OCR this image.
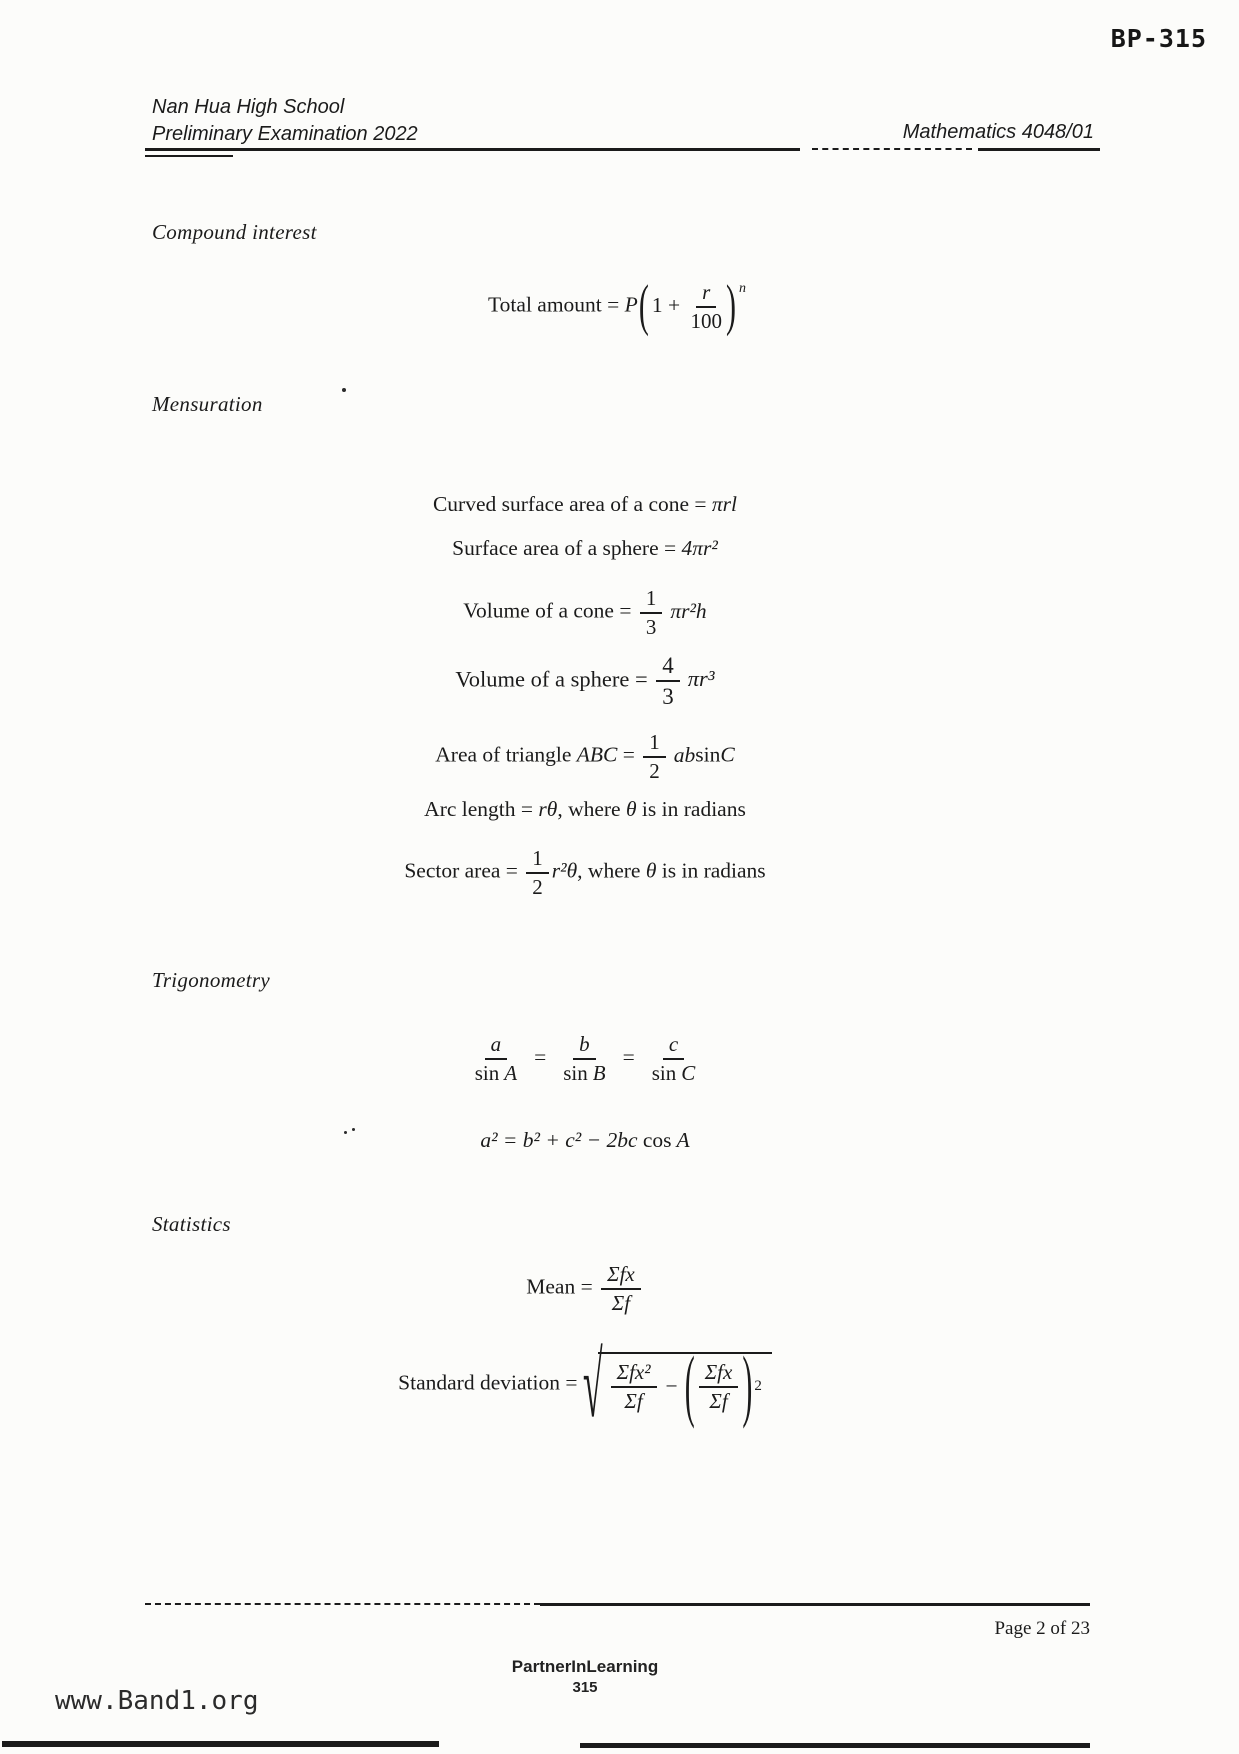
BP-315
Nan Hua High School
Preliminary Examination 2022	Mathematics 4048/01
Compound interest
Total amount = P( $1 + \frac{r}{100}$ ) $^n$
Mensuration
Curved surface area of a cone = πrl
Surface area of a sphere = 4πr²
Volume of a cone = $\frac{1}{3} \pi r^2h$
Volume of a sphere = $\frac{4}{3} \pi r^3$
Area of triangle ABC = $\frac{1}{2}$ absinC
Arc length = rθ, where θ is in radians
Sector area = $\frac{1}{2} r^2\theta$, where θ is in radians
Trigonometry
$\frac{a}{\text{sin A}} = \frac{b}{\text{sin B}} = \frac{c}{\text{sin C}}$
a² = b² + c² − 2bc cos A
Statistics
Mean = $\frac{\text{Σfx}}{\Sigma f}$
Standard deviation = √ $\frac{\text{Σfx²}}{\Sigma f}$ − ( $\frac{\text{Σfx}}{\Sigma f}$ ) 2
Page 2 of 23
PartnerInLearning
315
www.Band1.org
